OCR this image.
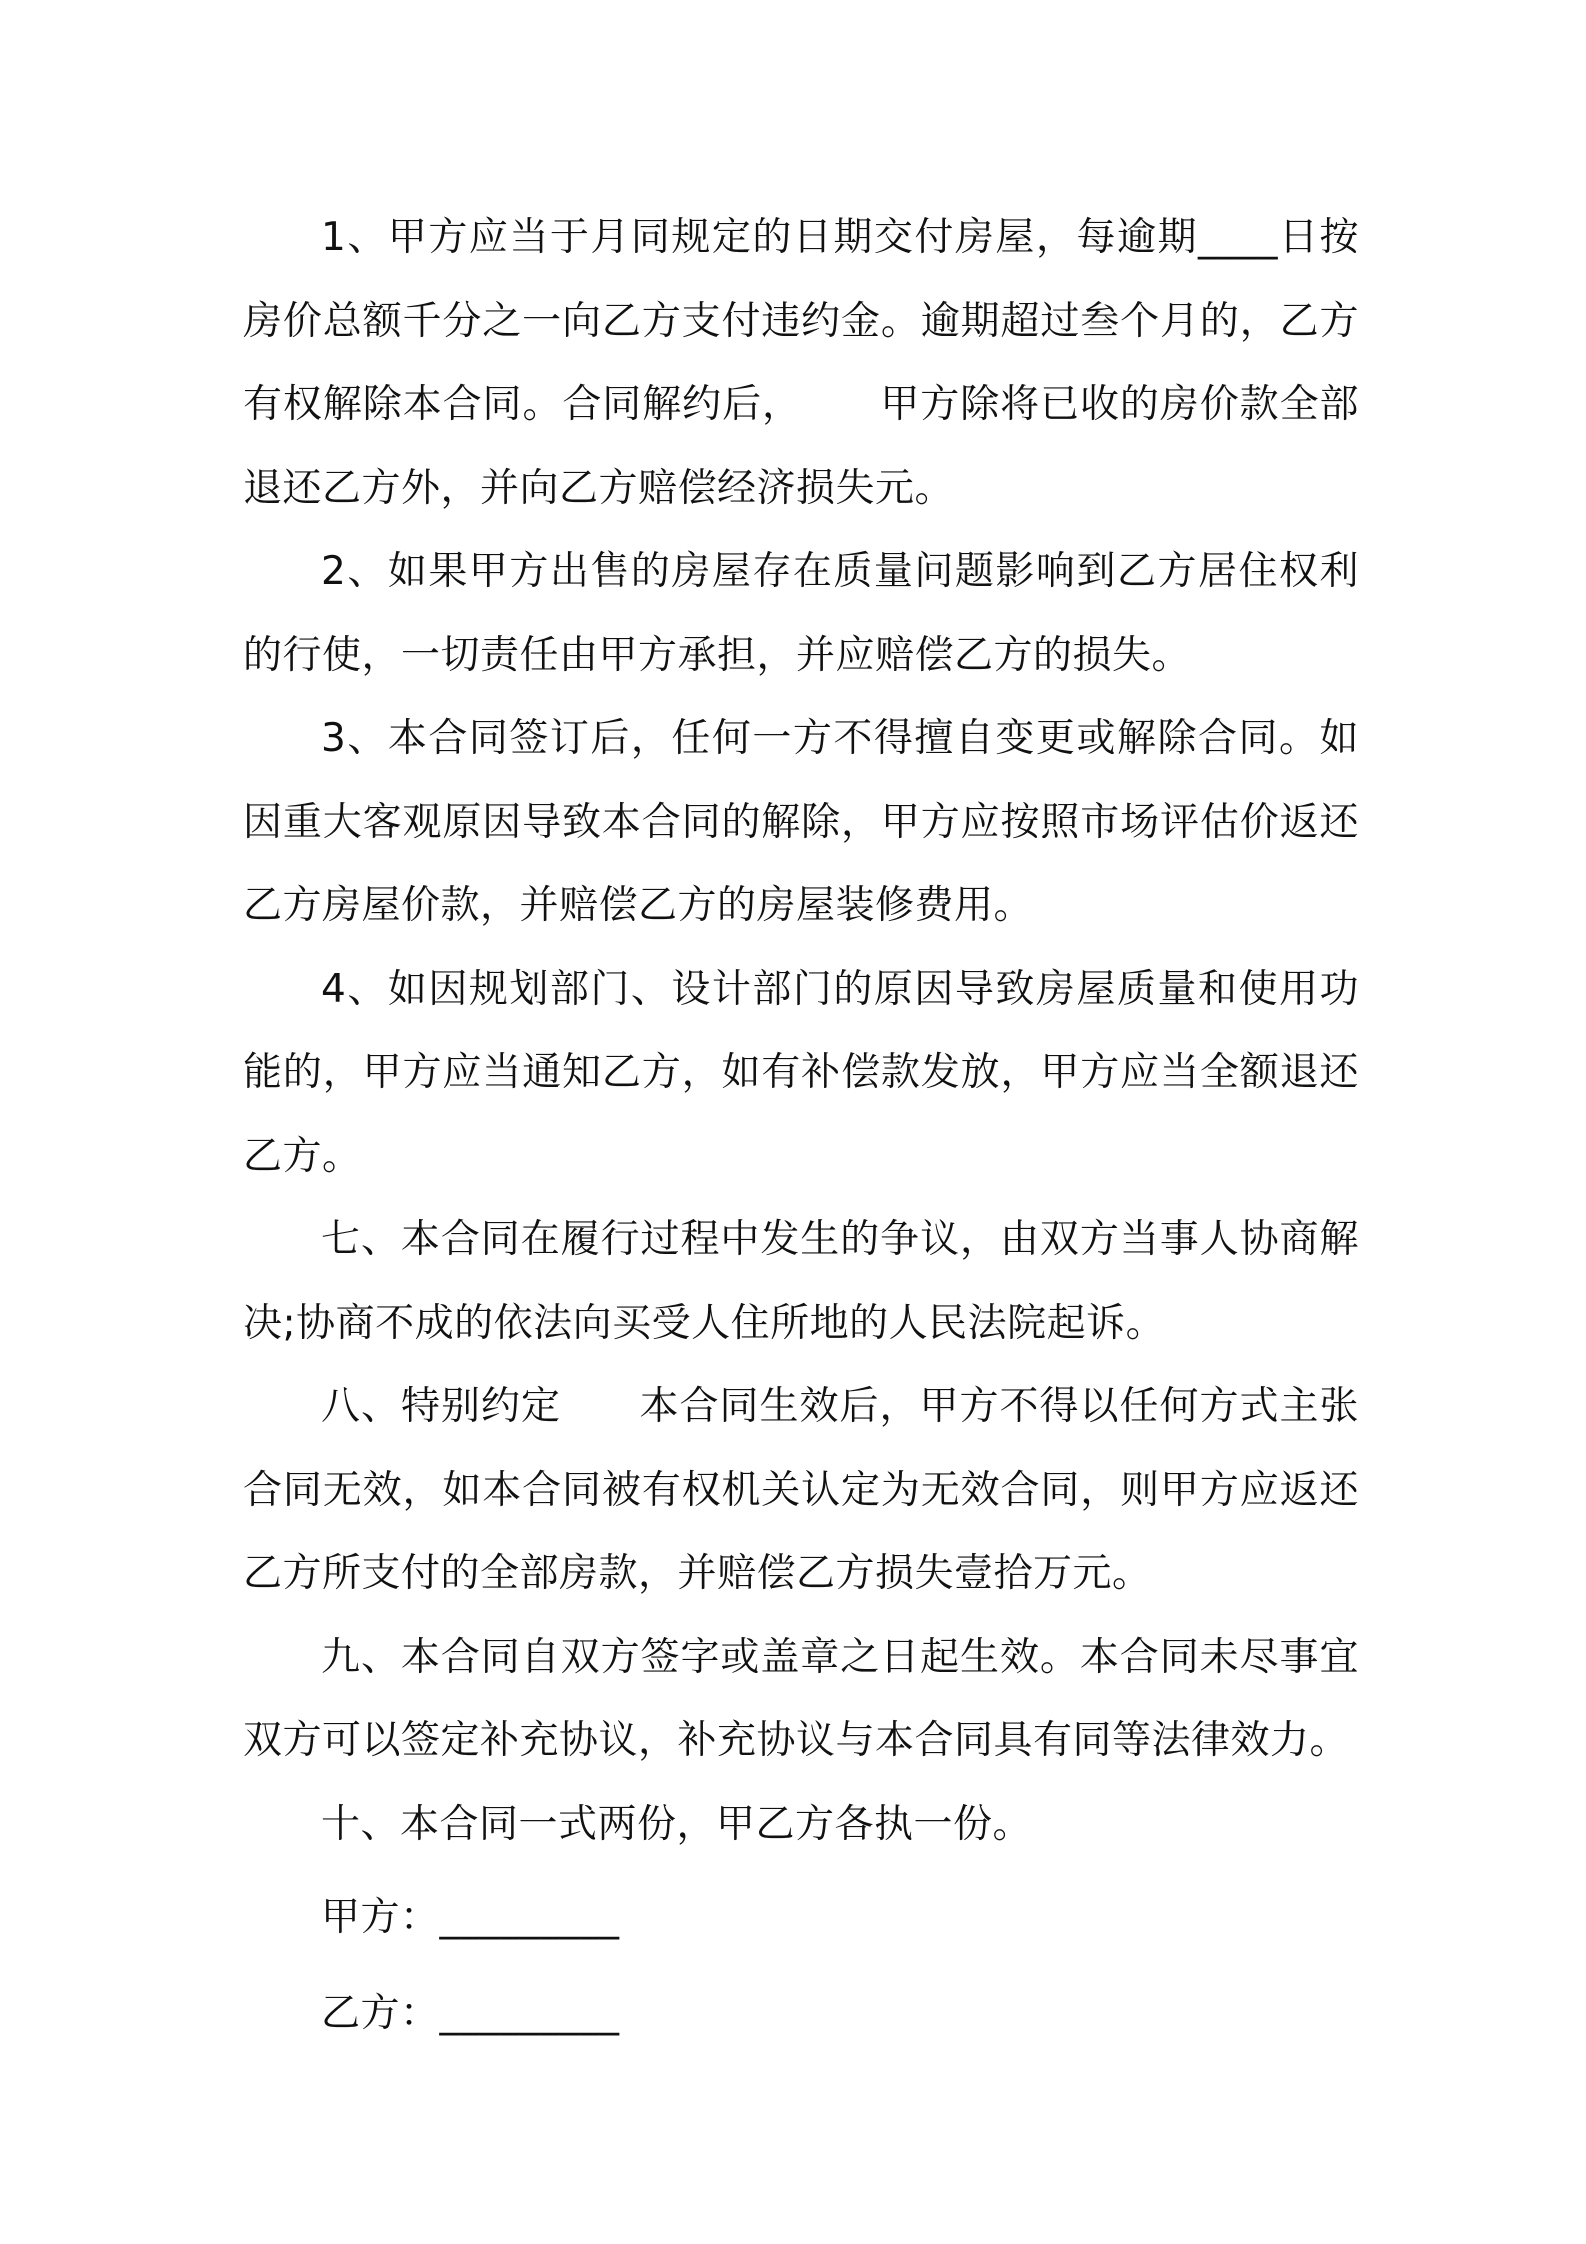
1、甲方应当于月同规定的日期交付房屋，每逾期____日按房价总额千分之一向乙方支付违约金。逾期超过叁个月的，乙方有权解除本合同。合同解约后， 甲方除将已收的房价款全部退还乙方外，并向乙方赔偿经济损失元。

2、如果甲方出售的房屋存在质量问题影响到乙方居住权利的行使，一切责任由甲方承担，并应赔偿乙方的损失。

3、本合同签订后，任何一方不得擅自变更或解除合同。如因重大客观原因导致本合同的解除，甲方应按照市场评估价返还乙方房屋价款，并赔偿乙方的房屋装修费用。

4、如因规划部门、设计部门的原因导致房屋质量和使用功能的，甲方应当通知乙方，如有补偿款发放，甲方应当全额退还乙方。

七、本合同在履行过程中发生的争议，由双方当事人协商解决;协商不成的依法向买受人住所地的人民法院起诉。

八、特别约定 本合同生效后，甲方不得以任何方式主张合同无效，如本合同被有权机关认定为无效合同，则甲方应返还乙方所支付的全部房款，并赔偿乙方损失壹拾万元。

九、本合同自双方签字或盖章之日起生效。本合同未尽事宜双方可以签定补充协议，补充协议与本合同具有同等法律效力。

十、本合同一式两份，甲乙方各执一份。

甲方：_________

乙方：_________
